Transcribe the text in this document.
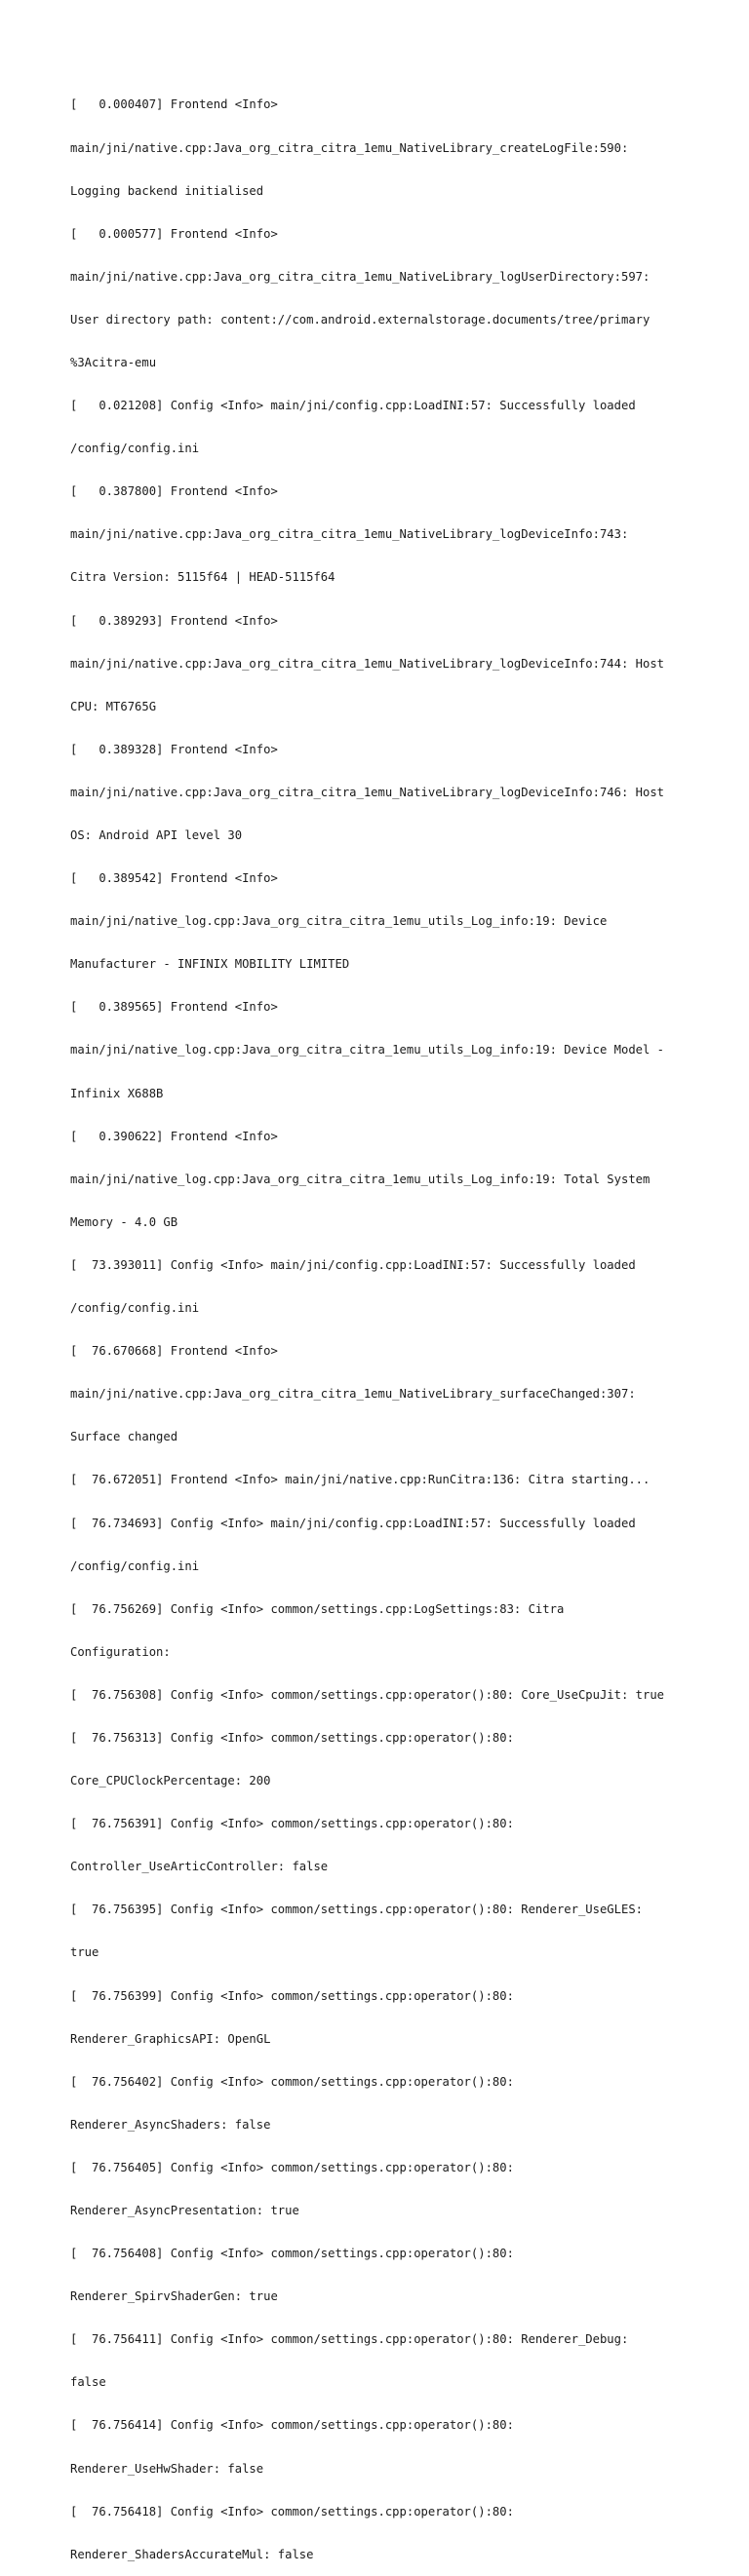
[   0.000407] Frontend <Info>

main/jni/native.cpp:Java_org_citra_citra_1emu_NativeLibrary_createLogFile:590:

Logging backend initialised

[   0.000577] Frontend <Info>

main/jni/native.cpp:Java_org_citra_citra_1emu_NativeLibrary_logUserDirectory:597:

User directory path: content://com.android.externalstorage.documents/tree/primary

%3Acitra-emu

[   0.021208] Config <Info> main/jni/config.cpp:LoadINI:57: Successfully loaded

/config/config.ini

[   0.387800] Frontend <Info>

main/jni/native.cpp:Java_org_citra_citra_1emu_NativeLibrary_logDeviceInfo:743:

Citra Version: 5115f64 | HEAD-5115f64

[   0.389293] Frontend <Info>

main/jni/native.cpp:Java_org_citra_citra_1emu_NativeLibrary_logDeviceInfo:744: Host

CPU: MT6765G

[   0.389328] Frontend <Info>

main/jni/native.cpp:Java_org_citra_citra_1emu_NativeLibrary_logDeviceInfo:746: Host

OS: Android API level 30

[   0.389542] Frontend <Info>

main/jni/native_log.cpp:Java_org_citra_citra_1emu_utils_Log_info:19: Device

Manufacturer - INFINIX MOBILITY LIMITED

[   0.389565] Frontend <Info>

main/jni/native_log.cpp:Java_org_citra_citra_1emu_utils_Log_info:19: Device Model -

Infinix X688B

[   0.390622] Frontend <Info>

main/jni/native_log.cpp:Java_org_citra_citra_1emu_utils_Log_info:19: Total System

Memory - 4.0 GB

[  73.393011] Config <Info> main/jni/config.cpp:LoadINI:57: Successfully loaded

/config/config.ini

[  76.670668] Frontend <Info>

main/jni/native.cpp:Java_org_citra_citra_1emu_NativeLibrary_surfaceChanged:307:

Surface changed

[  76.672051] Frontend <Info> main/jni/native.cpp:RunCitra:136: Citra starting...

[  76.734693] Config <Info> main/jni/config.cpp:LoadINI:57: Successfully loaded

/config/config.ini

[  76.756269] Config <Info> common/settings.cpp:LogSettings:83: Citra

Configuration:

[  76.756308] Config <Info> common/settings.cpp:operator():80: Core_UseCpuJit: true

[  76.756313] Config <Info> common/settings.cpp:operator():80:

Core_CPUClockPercentage: 200

[  76.756391] Config <Info> common/settings.cpp:operator():80:

Controller_UseArticController: false

[  76.756395] Config <Info> common/settings.cpp:operator():80: Renderer_UseGLES:

true

[  76.756399] Config <Info> common/settings.cpp:operator():80:

Renderer_GraphicsAPI: OpenGL

[  76.756402] Config <Info> common/settings.cpp:operator():80:

Renderer_AsyncShaders: false

[  76.756405] Config <Info> common/settings.cpp:operator():80:

Renderer_AsyncPresentation: true

[  76.756408] Config <Info> common/settings.cpp:operator():80:

Renderer_SpirvShaderGen: true

[  76.756411] Config <Info> common/settings.cpp:operator():80: Renderer_Debug:

false

[  76.756414] Config <Info> common/settings.cpp:operator():80:

Renderer_UseHwShader: false

[  76.756418] Config <Info> common/settings.cpp:operator():80:

Renderer_ShadersAccurateMul: false
